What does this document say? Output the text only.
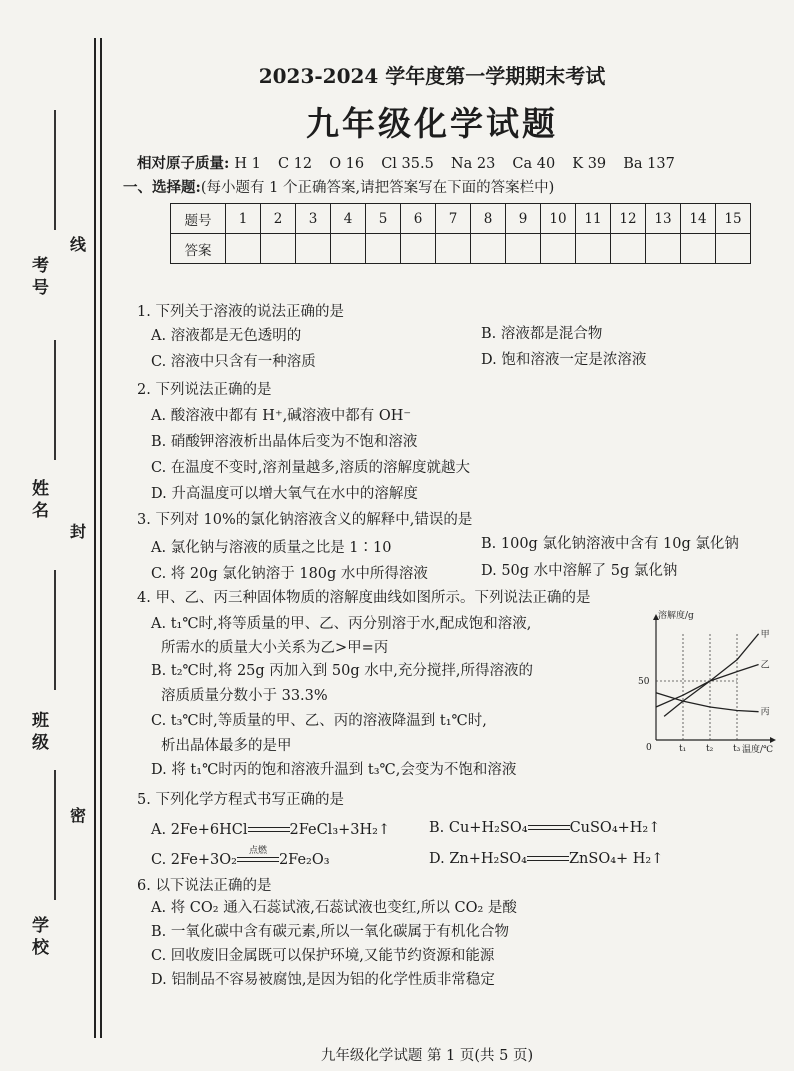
考号
线
姓名
封
班级
密
学校
2023-2024 学年度第一学期期末考试
九年级化学试题
相对原子质量: H 1 C 12 O 16 Cl 35.5 Na 23 Ca 40 K 39 Ba 137
一、选择题:(每小题有 1 个正确答案,请把答案写在下面的答案栏中)
题号	1	2	3	4	5	6	7	8	9	10	11	12	13	14	15
答案															
1. 下列关于溶液的说法正确的是
A. 溶液都是无色透明的	B. 溶液都是混合物
C. 溶液中只含有一种溶质	D. 饱和溶液一定是浓溶液
2. 下列说法正确的是
A. 酸溶液中都有 H⁺,碱溶液中都有 OH⁻
B. 硝酸钾溶液析出晶体后变为不饱和溶液
C. 在温度不变时,溶剂量越多,溶质的溶解度就越大
D. 升高温度可以增大氧气在水中的溶解度
3. 下列对 10%的氯化钠溶液含义的解释中,错误的是
A. 氯化钠与溶液的质量之比是 1∶10	B. 100g 氯化钠溶液中含有 10g 氯化钠
C. 将 20g 氯化钠溶于 180g 水中所得溶液	D. 50g 水中溶解了 5g 氯化钠
4. 甲、乙、丙三种固体物质的溶解度曲线如图所示。下列说法正确的是
A. t₁℃时,将等质量的甲、乙、丙分别溶于水,配成饱和溶液,
所需水的质量大小关系为乙>甲=丙
B. t₂℃时,将 25g 丙加入到 50g 水中,充分搅拌,所得溶液的
溶质质量分数小于 33.3%
C. t₃℃时,等质量的甲、乙、丙的溶液降温到 t₁℃时,
析出晶体最多的是甲
D. 将 t₁℃时丙的饱和溶液升温到 t₃℃,会变为不饱和溶液
溶解度/g
温度/℃
0
50
t₁ t₂ t₃
甲
乙
丙
5. 下列化学方程式书写正确的是
A. 2Fe+6HCl	2FeCl₃+3H₂↑	B. Cu+H₂SO₄	CuSO₄+H₂↑
C. 2Fe+3O₂
点燃
2Fe₂O₃	D. Zn+H₂SO₄	ZnSO₄+ H₂↑
6. 以下说法正确的是
A. 将 CO₂ 通入石蕊试液,石蕊试液也变红,所以 CO₂ 是酸
B. 一氧化碳中含有碳元素,所以一氧化碳属于有机化合物
C. 回收废旧金属既可以保护环境,又能节约资源和能源
D. 铝制品不容易被腐蚀,是因为铝的化学性质非常稳定
九年级化学试题 第 1 页(共 5 页)
